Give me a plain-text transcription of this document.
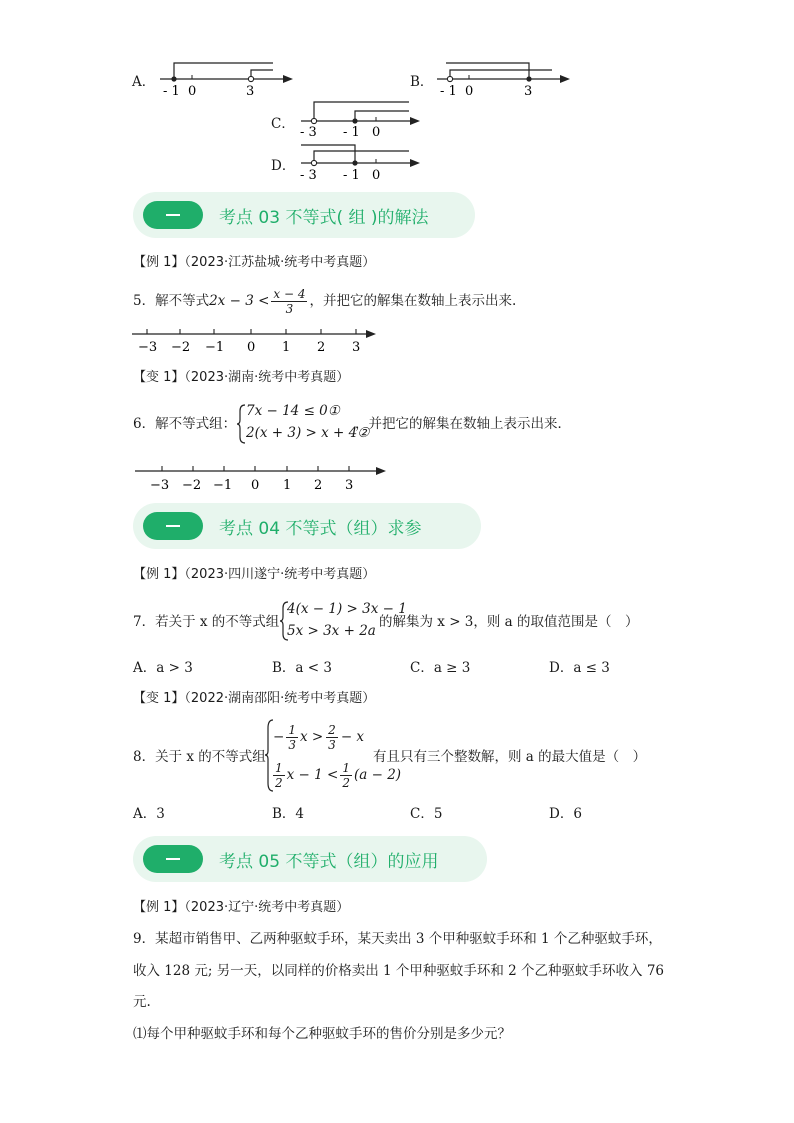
A．
- 1 0	3
B．
- 1 0	3
C．
- 3 - 1 0
D．
- 3 - 1 0
考点 03 不等式( 组 )的解法
【例 1】（2023·江苏盐城·统考中考真题）
5．解不等式 $2x - 3 < \frac{x - 4}{3}$ ，并把它的解集在数轴上表示出来.
−3 −2 −1 0 1 2 3
【变 1】（2023·湖南·统考中考真题）
6．解不等式组：
7x − 14 ≤ 0①
2(x + 3) > x + 4②
，并把它的解集在数轴上表示出来．
−3 −2 −1 0 1 2 3
考点 04 不等式（组）求参
【例 1】（2023·四川遂宁·统考中考真题）
7．若关于 x 的不等式组
4(x − 1) > 3x − 1
5x > 3x + 2a
的解集为 x > 3，则 a 的取值范围是（　）
A．a > 3	B．a < 3	C．a ≥ 3	D．a ≤ 3
【变 1】（2022·湖南邵阳·统考中考真题）
8．关于 x 的不等式组
− $\frac{1}{3}$ $x > \frac{2}{3} - x$
$\frac{1}{2}$ $x - 1 < \frac{1}{2} (a - 2)$
有且只有三个整数解，则 a 的最大值是（　）
A．3	B．4	C．5	D．6
考点 05 不等式（组）的应用
【例 1】（2023·辽宁·统考中考真题）
9．某超市销售甲、乙两种驱蚊手环，某天卖出 3 个甲种驱蚊手环和 1 个乙种驱蚊手环，
收入 128 元; 另一天，以同样的价格卖出 1 个甲种驱蚊手环和 2 个乙种驱蚊手环收入 76
元.
⑴每个甲种驱蚊手环和每个乙种驱蚊手环的售价分别是多少元？
